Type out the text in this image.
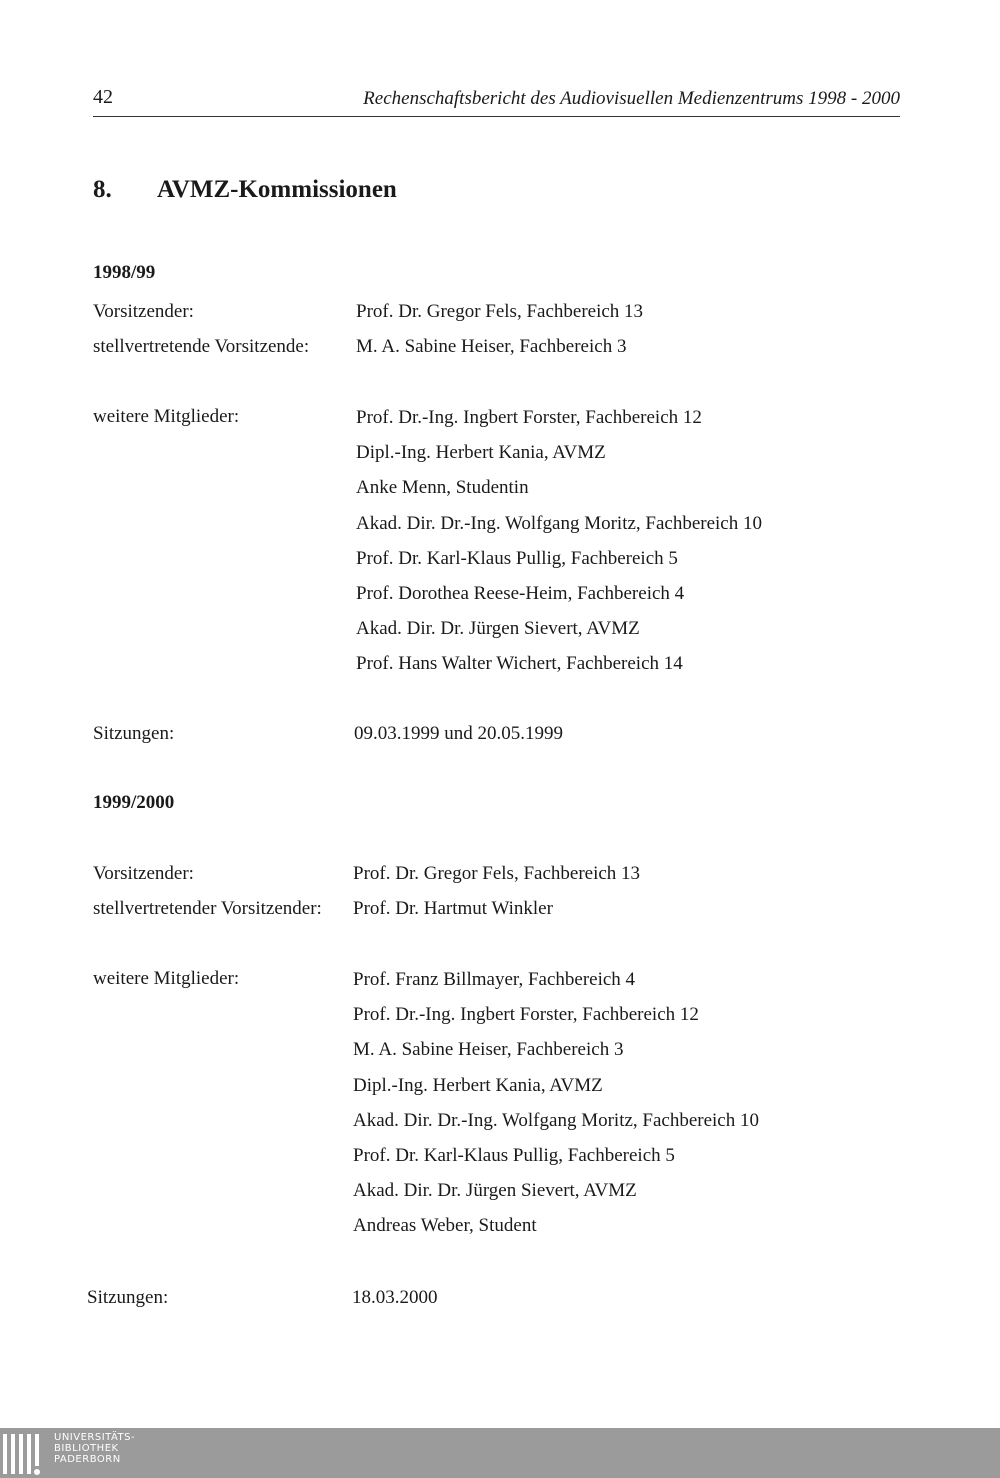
42	Rechenschaftsbericht des Audiovisuellen Medienzentrums 1998 - 2000
8. AVMZ-Kommissionen
1998/99
Vorsitzender:	Prof. Dr. Gregor Fels, Fachbereich 13
stellvertretende Vorsitzende: M. A. Sabine Heiser, Fachbereich 3
weitere Mitglieder:	Prof. Dr.-Ing. Ingbert Forster, Fachbereich 12
Dipl.-Ing. Herbert Kania, AVMZ
Anke Menn, Studentin
Akad. Dir. Dr.-Ing. Wolfgang Moritz, Fachbereich 10
Prof. Dr. Karl-Klaus Pullig, Fachbereich 5
Prof. Dorothea Reese-Heim, Fachbereich 4
Akad. Dir. Dr. Jürgen Sievert, AVMZ
Prof. Hans Walter Wichert, Fachbereich 14
Sitzungen:	09.03.1999 und 20.05.1999
1999/2000
Vorsitzender:	Prof. Dr. Gregor Fels, Fachbereich 13
stellvertretender Vorsitzender: Prof. Dr. Hartmut Winkler
weitere Mitglieder:	Prof. Franz Billmayer, Fachbereich 4
Prof. Dr.-Ing. Ingbert Forster, Fachbereich 12
M. A. Sabine Heiser, Fachbereich 3
Dipl.-Ing. Herbert Kania, AVMZ
Akad. Dir. Dr.-Ing. Wolfgang Moritz, Fachbereich 10
Prof. Dr. Karl-Klaus Pullig, Fachbereich 5
Akad. Dir. Dr. Jürgen Sievert, AVMZ
Andreas Weber, Student
Sitzungen:	18.03.2000
UNIVERSITÄTS-
BIBLIOTHEK
PADERBORN
